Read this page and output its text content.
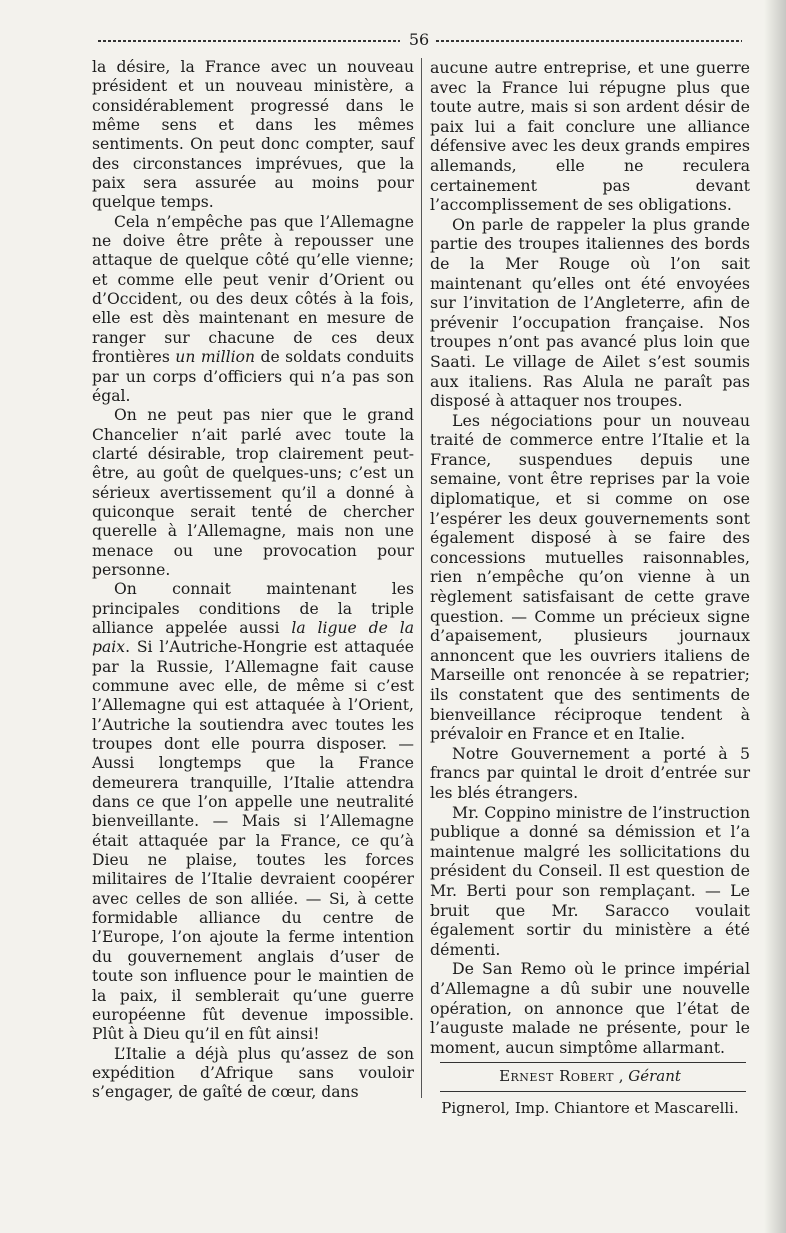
56

la désire, la France avec un nouveau président et un nouveau ministère, a considérablement progressé dans le même sens et dans les mêmes sentiments. On peut donc compter, sauf des circonstances imprévues, que la paix sera assurée au moins pour quelque temps.

Cela n’empêche pas que l’Allemagne ne doive être prête à repousser une attaque de quelque côté qu’elle vienne; et comme elle peut venir d’Orient ou d’Occident, ou des deux côtés à la fois, elle est dès maintenant en mesure de ranger sur chacune de ces deux frontières un million de soldats conduits par un corps d’officiers qui n’a pas son égal.

On ne peut pas nier que le grand Chancelier n’ait parlé avec toute la clarté désirable, trop clairement peut-être, au goût de quelques-uns; c’est un sérieux avertissement qu’il a donné à quiconque serait tenté de chercher querelle à l’Allemagne, mais non une menace ou une provocation pour personne.

On connait maintenant les principales conditions de la triple alliance appelée aussi la ligue de la paix. Si l’Autriche-Hongrie est attaquée par la Russie, l’Allemagne fait cause commune avec elle, de même si c’est l’Allemagne qui est attaquée à l’Orient, l’Autriche la soutiendra avec toutes les troupes dont elle pourra disposer. — Aussi longtemps que la France demeurera tranquille, l’Italie attendra dans ce que l’on appelle une neutralité bienveillante. — Mais si l’Allemagne était attaquée par la France, ce qu’à Dieu ne plaise, toutes les forces militaires de l’Italie devraient coopérer avec celles de son alliée. — Si, à cette formidable alliance du centre de l’Europe, l’on ajoute la ferme intention du gouvernement anglais d’user de toute son influence pour le maintien de la paix, il semblerait qu’une guerre européenne fût devenue impossible. Plût à Dieu qu’il en fût ainsi!

L’Italie a déjà plus qu’assez de son expédition d’Afrique sans vouloir s’engager, de gaîté de cœur, dans

aucune autre entreprise, et une guerre avec la France lui répugne plus que toute autre, mais si son ardent désir de paix lui a fait conclure une alliance défensive avec les deux grands empires allemands, elle ne reculera certainement pas devant l’accomplissement de ses obligations.

On parle de rappeler la plus grande partie des troupes italiennes des bords de la Mer Rouge où l’on sait maintenant qu’elles ont été envoyées sur l’invitation de l’Angleterre, afin de prévenir l’occupation française. Nos troupes n’ont pas avancé plus loin que Saati. Le village de Ailet s’est soumis aux italiens. Ras Alula ne paraît pas disposé à attaquer nos troupes.

Les négociations pour un nouveau traité de commerce entre l’Italie et la France, suspendues depuis une semaine, vont être reprises par la voie diplomatique, et si comme on ose l’espérer les deux gouvernements sont également disposé à se faire des concessions mutuelles raisonnables, rien n’empêche qu’on vienne à un règlement satisfaisant de cette grave question. — Comme un précieux signe d’apaisement, plusieurs journaux annoncent que les ouvriers italiens de Marseille ont renoncée à se repatrier; ils constatent que des sentiments de bienveillance réciproque tendent à prévaloir en France et en Italie.

Notre Gouvernement a porté à 5 francs par quintal le droit d’entrée sur les blés étrangers.

Mr. Coppino ministre de l’instruction publique a donné sa démission et l’a maintenue malgré les sollicitations du président du Conseil. Il est question de Mr. Berti pour son remplaçant. — Le bruit que Mr. Saracco voulait également sortir du ministère a été démenti.

De San Remo où le prince impérial d’Allemagne a dû subir une nouvelle opération, on annonce que l’état de l’auguste malade ne présente, pour le moment, aucun simptôme allarmant.

Ernest Robert , Gérant
Pignerol, Imp. Chiantore et Mascarelli.
